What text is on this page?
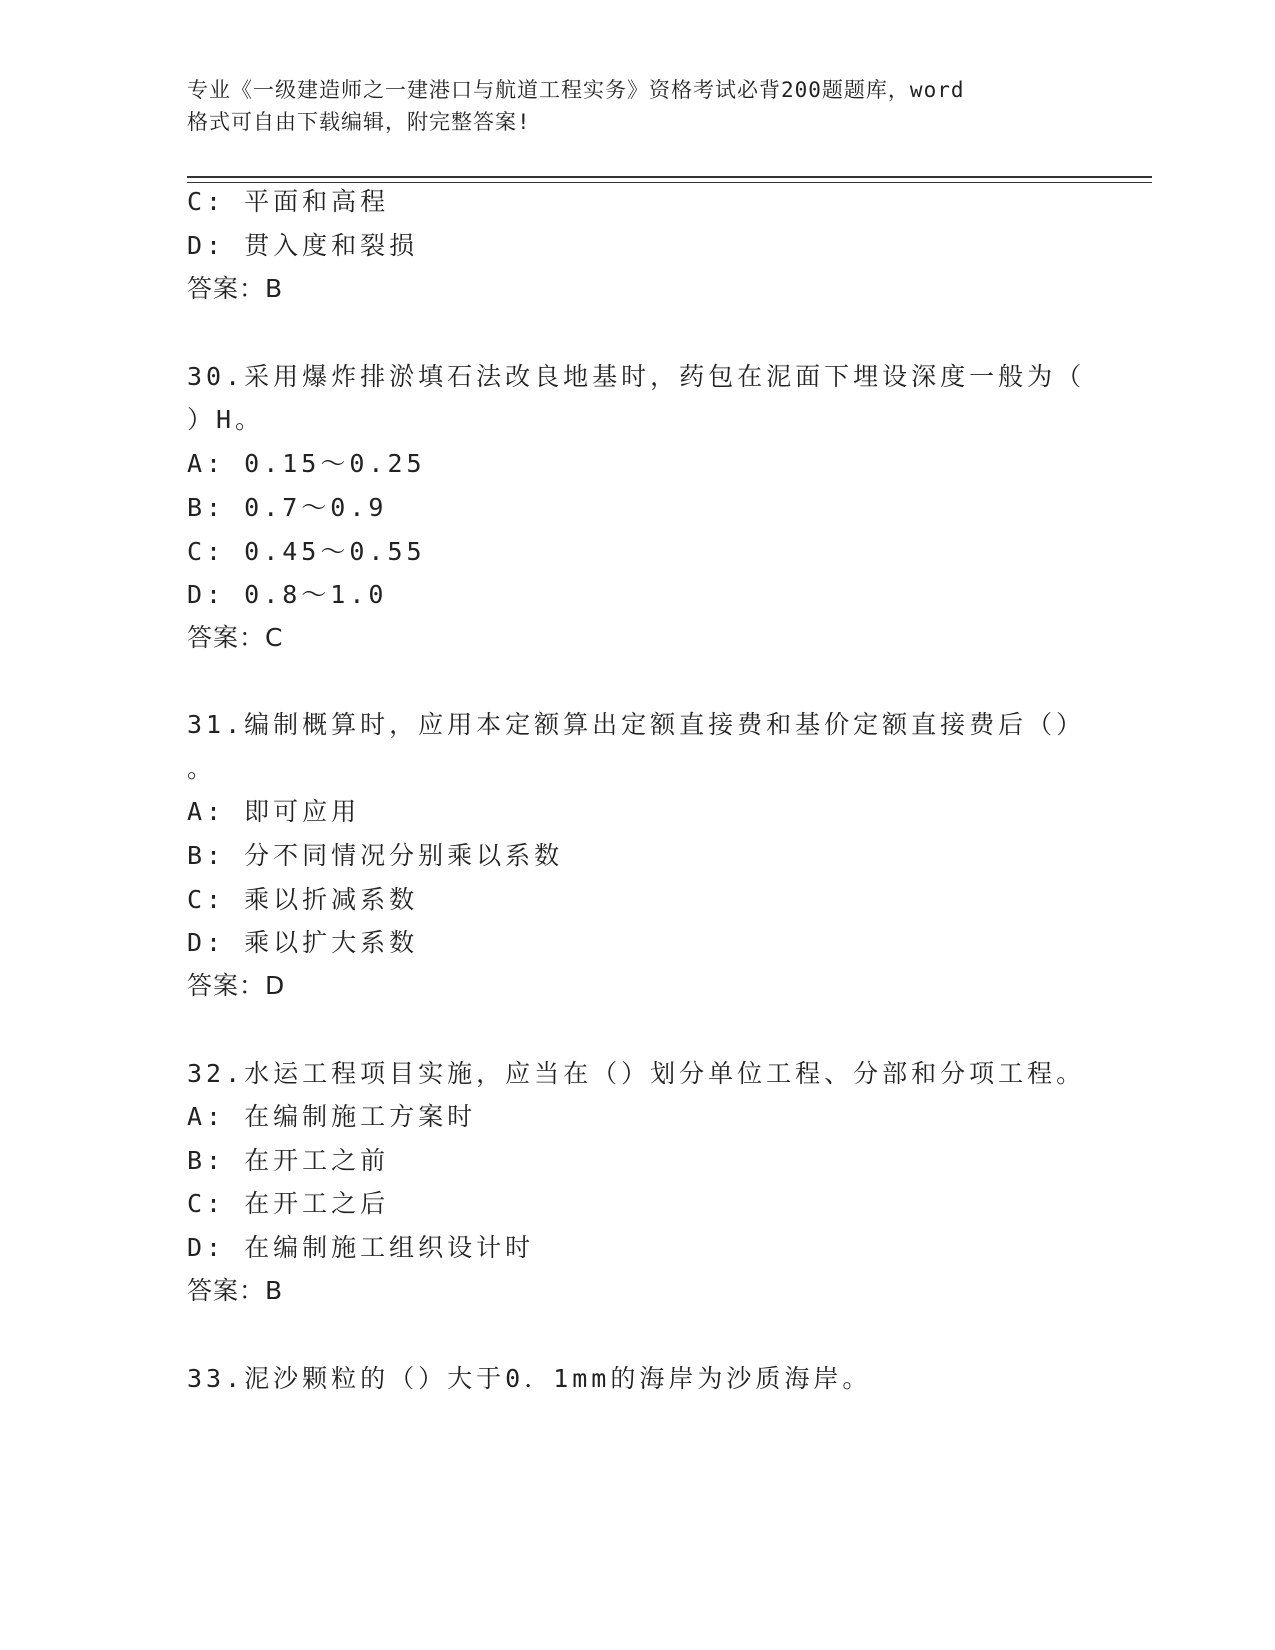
专业《一级建造师之一建港口与航道工程实务》资格考试必背200题题库，word
格式可自由下载编辑，附完整答案!
C: 平面和高程
D: 贯入度和裂损
答案：B
30.采用爆炸排淤填石法改良地基时，药包在泥面下埋设深度一般为（
）H。
A: 0.15～0.25
B: 0.7～0.9
C: 0.45～0.55
D: 0.8～1.0
答案：C
31.编制概算时，应用本定额算出定额直接费和基价定额直接费后（）
。
A: 即可应用
B: 分不同情况分别乘以系数
C: 乘以折减系数
D: 乘以扩大系数
答案：D
32.水运工程项目实施，应当在（）划分单位工程、分部和分项工程。
A: 在编制施工方案时
B: 在开工之前
C: 在开工之后
D: 在编制施工组织设计时
答案：B
33.泥沙颗粒的（）大于0．1mm的海岸为沙质海岸。
